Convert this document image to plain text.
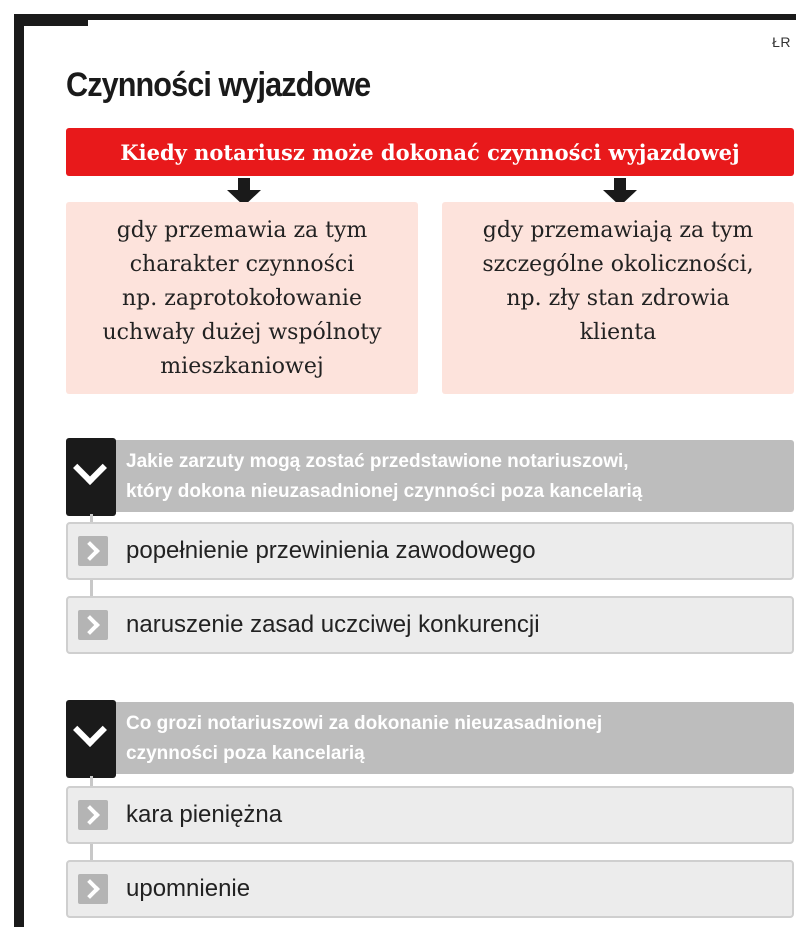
ŁR
Czynności wyjazdowe
Kiedy notariusz może dokonać czynności wyjazdowej
gdy przemawia za tym
charakter czynności
np. zaprotokołowanie
uchwały dużej wspólnoty
mieszkaniowej
gdy przemawiają za tym
szczególne okoliczności,
np. zły stan zdrowia
klienta
Jakie zarzuty mogą zostać przedstawione notariuszowi,
który dokona nieuzasadnionej czynności poza kancelarią
popełnienie przewinienia zawodowego
naruszenie zasad uczciwej konkurencji
Co grozi notariuszowi za dokonanie nieuzasadnionej
czynności poza kancelarią
kara pieniężna
upomnienie
